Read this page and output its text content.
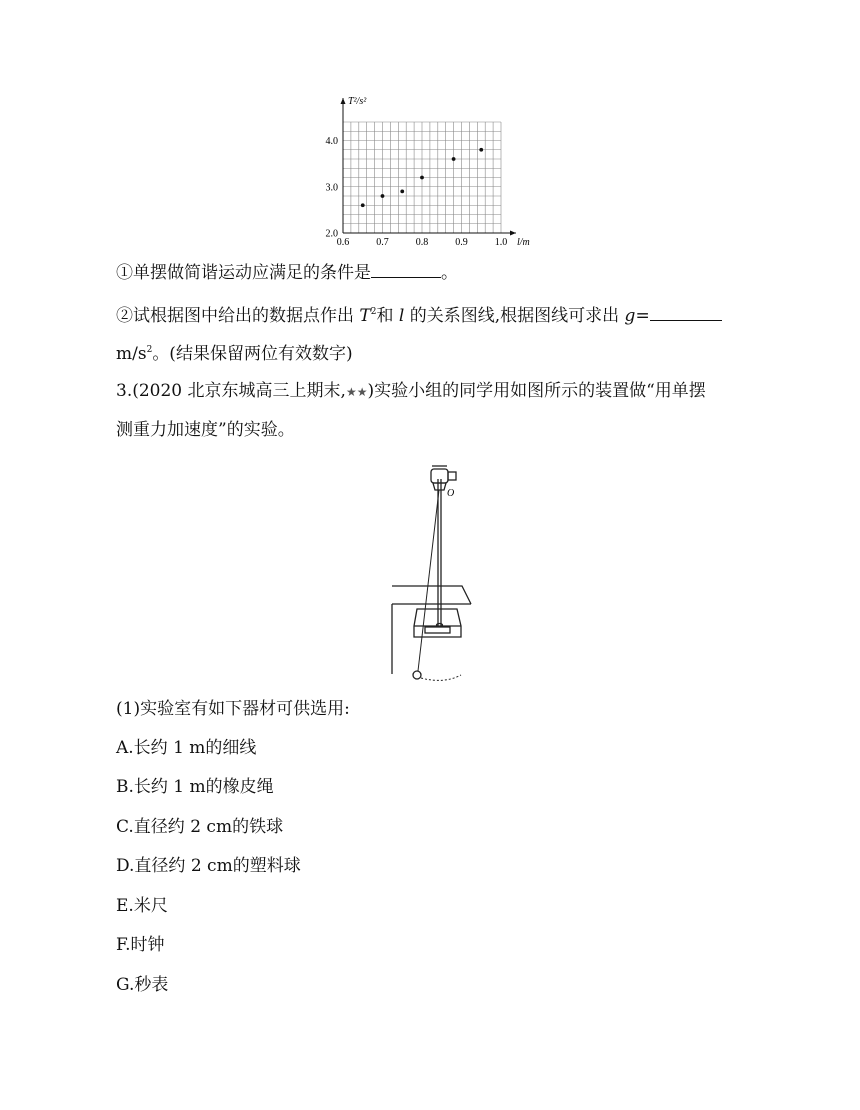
0.6	0.7	0.8	0.9	1.0
2.0
3.0
4.0
T²/s²
l/m
①单摆做简谐运动应满足的条件是	。
②试根据图中给出的数据点作出 $T^2$和 l 的关系图线,根据图线可求出 g=
$m/s^2$。(结果保留两位有效数字)
3.(2020 北京东城高三上期末,★★)实验小组的同学用如图所示的装置做“用单摆
测重力加速度”的实验。
O
(1)实验室有如下器材可供选用:
A.长约 1 m的细线
B.长约 1 m的橡皮绳
C.直径约 2 cm的铁球
D.直径约 2 cm的塑料球
E.米尺
F.时钟
G.秒表
